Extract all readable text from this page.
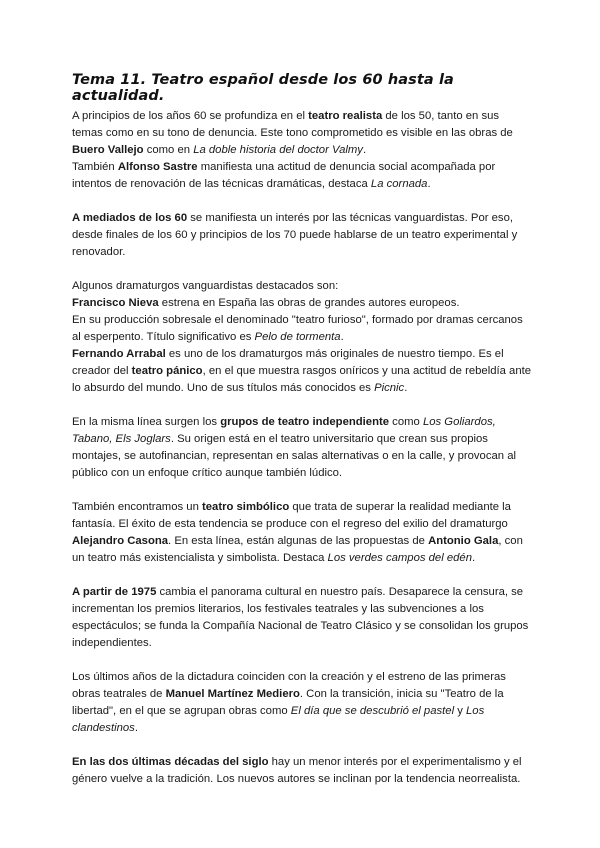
Tema 11. Teatro español desde los 60 hasta la actualidad.

A principios de los años 60 se profundiza en el teatro realista de los 50, tanto en sus temas como en su tono de denuncia. Este tono comprometido es visible en las obras de Buero Vallejo como en La doble historia del doctor Valmy.

También Alfonso Sastre manifiesta una actitud de denuncia social acompañada por intentos de renovación de las técnicas dramáticas, destaca La cornada.

A mediados de los 60 se manifiesta un interés por las técnicas vanguardistas. Por eso, desde finales de los 60 y principios de los 70 puede hablarse de un teatro experimental y renovador.

Algunos dramaturgos vanguardistas destacados son:

Francisco Nieva estrena en España las obras de grandes autores europeos.

En su producción sobresale el denominado "teatro furioso", formado por dramas cercanos al esperpento. Título significativo es Pelo de tormenta.

Fernando Arrabal es uno de los dramaturgos más originales de nuestro tiempo. Es el creador del teatro pánico, en el que muestra rasgos oníricos y una actitud de rebeldía ante lo absurdo del mundo. Uno de sus títulos más conocidos es Picnic.

En la misma línea surgen los grupos de teatro independiente como Los Goliardos, Tabano, Els Joglars. Su origen está en el teatro universitario que crean sus propios montajes, se autofinancian, representan en salas alternativas o en la calle, y provocan al público con un enfoque crítico aunque también lúdico.

También encontramos un teatro simbólico que trata de superar la realidad mediante la fantasía. El éxito de esta tendencia se produce con el regreso del exilio del dramaturgo Alejandro Casona. En esta línea, están algunas de las propuestas de Antonio Gala, con un teatro más existencialista y simbolista. Destaca Los verdes campos del edén.

A partir de 1975 cambia el panorama cultural en nuestro país. Desaparece la censura, se incrementan los premios literarios, los festivales teatrales y las subvenciones a los espectáculos; se funda la Compañía Nacional de Teatro Clásico y se consolidan los grupos independientes.

Los últimos años de la dictadura coinciden con la creación y el estreno de las primeras obras teatrales de Manuel Martínez Mediero. Con la transición, inicia su "Teatro de la libertad", en el que se agrupan obras como El día que se descubrió el pastel y Los clandestinos.

En las dos últimas décadas del siglo hay un menor interés por el experimentalismo y el género vuelve a la tradición. Los nuevos autores se inclinan por la tendencia neorrealista.
